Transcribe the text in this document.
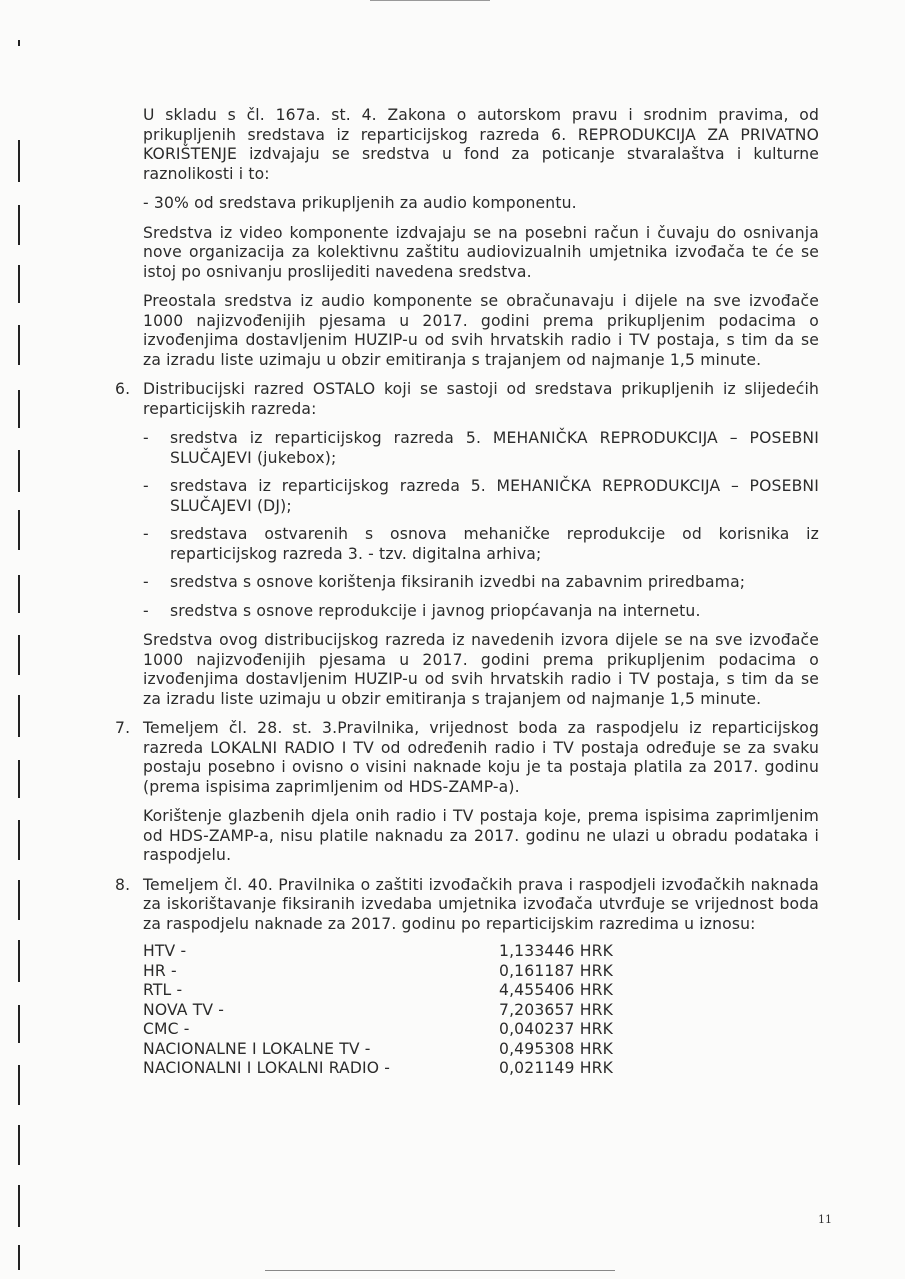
U skladu s čl. 167a. st. 4. Zakona o autorskom pravu i srodnim pravima, od prikupljenih sredstava iz reparticijskog razreda 6. REPRODUKCIJA ZA PRIVATNO KORIŠTENJE izdvajaju se sredstva u fond za poticanje stvaralaštva i kulturne raznolikosti i to:

- 30% od sredstava prikupljenih za audio komponentu.

Sredstva iz video komponente izdvajaju se na posebni račun i čuvaju do osnivanja nove organizacija za kolektivnu zaštitu audiovizualnih umjetnika izvođača te će se istoj po osnivanju proslijediti navedena sredstva.

Preostala sredstva iz audio komponente se obračunavaju i dijele na sve izvođače 1000 najizvođenijih pjesama u 2017. godini prema prikupljenim podacima o izvođenjima dostavljenim HUZIP-u od svih hrvatskih radio i TV postaja, s tim da se za izradu liste uzimaju u obzir emitiranja s trajanjem od najmanje 1,5 minute.

6. Distribucijski razred OSTALO koji se sastoji od sredstava prikupljenih iz slijedećih reparticijskih razreda:

- sredstva iz reparticijskog razreda 5. MEHANIČKA REPRODUKCIJA – POSEBNI SLUČAJEVI (jukebox);
- sredstava iz reparticijskog razreda 5. MEHANIČKA REPRODUKCIJA – POSEBNI SLUČAJEVI (DJ);
- sredstava ostvarenih s osnova mehaničke reprodukcije od korisnika iz reparticijskog razreda 3. - tzv. digitalna arhiva;
- sredstva s osnove korištenja fiksiranih izvedbi na zabavnim priredbama;
- sredstva s osnove reprodukcije i javnog priopćavanja na internetu.

Sredstva ovog distribucijskog razreda iz navedenih izvora dijele se na sve izvođače 1000 najizvođenijih pjesama u 2017. godini prema prikupljenim podacima o izvođenjima dostavljenim HUZIP-u od svih hrvatskih radio i TV postaja, s tim da se za izradu liste uzimaju u obzir emitiranja s trajanjem od najmanje 1,5 minute.

7. Temeljem čl. 28. st. 3.Pravilnika, vrijednost boda za raspodjelu iz reparticijskog razreda LOKALNI RADIO I TV od određenih radio i TV postaja određuje se za svaku postaju posebno i ovisno o visini naknade koju je ta postaja platila za 2017. godinu (prema ispisima zaprimljenim od HDS-ZAMP-a).

Korištenje glazbenih djela onih radio i TV postaja koje, prema ispisima zaprimljenim od HDS-ZAMP-a, nisu platile naknadu za 2017. godinu ne ulazi u obradu podataka i raspodjelu.

8. Temeljem čl. 40. Pravilnika o zaštiti izvođačkih prava i raspodjeli izvođačkih naknada za iskorištavanje fiksiranih izvedaba umjetnika izvođača utvrđuje se vrijednost boda za raspodjelu naknade za 2017. godinu po reparticijskim razredima u iznosu:

HTV -	1,133446 HRK
HR -	0,161187 HRK
RTL -	4,455406 HRK
NOVA TV -	7,203657 HRK
CMC -	0,040237 HRK
NACIONALNE I LOKALNE TV -	0,495308 HRK
NACIONALNI I LOKALNI RADIO -	0,021149 HRK
11
